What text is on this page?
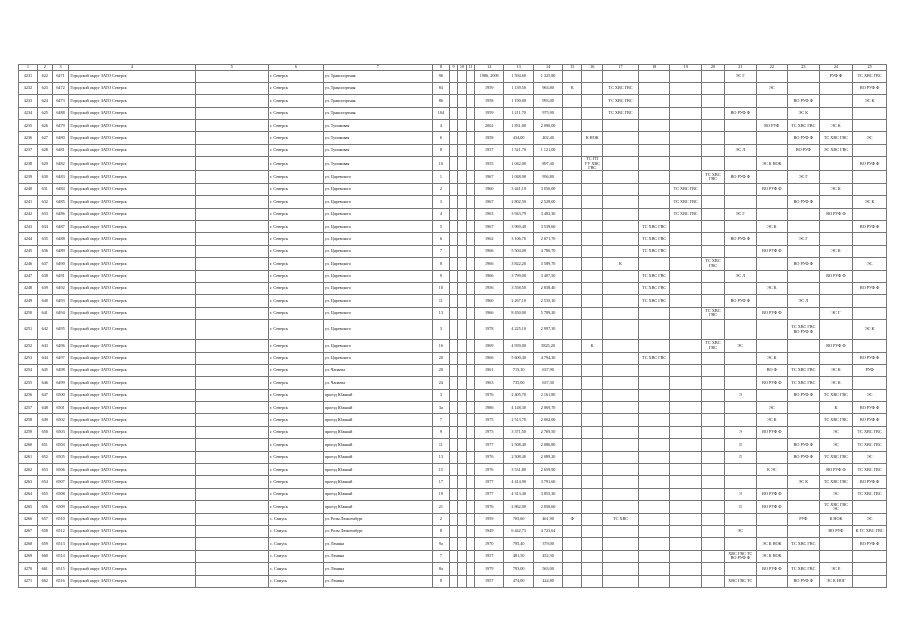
1	2	3	4	5	6	7	8	9	10	11	12	13	14	15	16	17	18	19	20	21	22	23	24	25
4231	622	6471	Городской округ ЗАТО Северск		г. Северск	ул. Транспортная	96				1986, 2009	1 594,60	1 325,80							ЭС Г			РУФ Ф	ТС ХВС ГВС
4232	623	6472	Городской округ ЗАТО Северск		г. Северск	ул. Транспортная	84				1959	1 139,50	963,80	К		ТС ХВС ГВС					ЭС			ВО РУФ Ф
4233	624	6473	Городской округ ЗАТО Северск		г. Северск	ул. Транспортная	86				1958	1 190,00	993,00			ТС ХВС ГВС						ВО РУФ Ф		ЭС К
4234	625	6488	Городской округ ЗАТО Северск		г. Северск	ул. Транспортная	104				1959	1 211,70	975,90			ТС ХВС ГВС				ВО РУФ Ф		ЭС К		
4235	626	6479	Городской округ ЗАТО Северск		г. Северск	ул. Тупиковая	4				2002	1 831,00	2 090,00								ВО РУФ	ТС ХВС ГВС	ЭС К	
4236	627	6480	Городской округ ЗАТО Северск		г. Северск	ул. Тупиковая	6				1958	434,00	402,40		К НОК							ВО РУФ Ф	ТС ХВС ГВС	ЭС
4237	628	6481	Городской округ ЗАТО Северск		г. Северск	ул. Тупиковая	8				1957	1 521,70	1 121,00							ЭС Л		ВО РУФ	ЭС ХВС ГВС	
4238	629	6482	Городской округ ЗАТО Северск		г. Северск	ул. Тупиковая	10				1955	1 042,00	897,40		ТС ГП УУ ХВС ГВС						ЭС К НОК			ВО РУФ Ф
4239	630	6483	Городской округ ЗАТО Северск		г. Северск	ул. Царевского	1				1967	1 048,90	956,80						ТС ХВС ГВС	ВО РУФ Ф		ЭС Г		
4240	631	6484	Городской округ ЗАТО Северск		г. Северск	ул. Царевского	2				1960	3 441,10	3 056,00					ТС ХВС ГВС			ВО РУФ Ф		ЭС К	
4241	632	6485	Городской округ ЗАТО Северск		г. Северск	ул. Царевского	3				1967	2 802,50	2 528,00					ТС ХВС ГВС				ВО РУФ Ф		ЭС К
4242	633	6486	Городской округ ЗАТО Северск		г. Северск	ул. Царевского	4				1963	3 943,79	3 482,30					ТС ХВС ГВС		ЭС Г			ВО РУФ Ф	
4243	634	6487	Городской округ ЗАТО Северск		г. Северск	ул. Царевского	5				1967	3 969,40	3 539,60				ТС ХВС ГВС				ЭС К			ВО РУФ Ф
4244	635	6488	Городской округ ЗАТО Северск		г. Северск	ул. Царевского	6				1962	3 106,70	2 671,70				ТС ХВС ГВС			ВО РУФ Ф		ЭС Г		
4245	636	6489	Городской округ ЗАТО Северск		г. Северск	ул. Царевского	7				1966	5 504,00	4 786,70				ТС ХВС ГВС				ВО РУФ Ф		ЭС К	
4246	637	6490	Городской округ ЗАТО Северск		г. Северск	ул. Царевского	8				1966	3 822,20	3 589,70			К			ТС ХВС ГВС			ВО РУФ Ф		ЭС
4247	638	6491	Городской округ ЗАТО Северск		г. Северск	ул. Царевского	9				1966	3 799,00	3 407,50				ТС ХВС ГВС			ЭС Л			ВО РУФ Ф	
4248	639	6492	Городской округ ЗАТО Северск		г. Северск	ул. Царевского	10				1956	3 558,50	2 838,40				ТС ХВС ГВС				ЭС К			ВО РУФ Ф
4249	640	6493	Городской округ ЗАТО Северск		г. Северск	ул. Царевского	11				1960	2 267,10	2 535,10				ТС ХВС ГВС			ВО РУФ Ф		ЭС Л		
4250	641	6494	Городской округ ЗАТО Северск		г. Северск	ул. Царевского	13				1966	8 450,00	5 789,20						ТС ХВС ГВС		ВО РУФ Ф		ЭС Г	
4251	642	6495	Городской округ ЗАТО Северск		г. Северск	ул. Царевского	3				1978	4 225,10	2 997,30									ТС ХВС ГВС ВО РУФ Ф		ЭС К
4252	643	6496	Городской округ ЗАТО Северск		г. Северск	ул. Царевского	16				1969	4 939,00	5825,20		К				ТС ХВС ГВС	ЭС			ВО РУФ Ф	
4253	644	6497	Городской округ ЗАТО Северск		г. Северск	ул. Царевского	20				1966	5 600,40	4 794,30				ТС ХВС ГВС				ЭС К			ВО РУФ Ф
4254	645	6498	Городской округ ЗАТО Северск		г. Северск	ул. Чапаева	20				1961	715,10	637,90								ВО Ф	ТС ХВС ГВС	ЭС К	РУФ
4255	646	6499	Городской округ ЗАТО Северск		г. Северск	ул. Чапаева	24				1963	735,00	637,30								ВО РУФ Ф	ТС ХВС ГВС	ЭС К	
4256	647	6500	Городской округ ЗАТО Северск		г. Северск	проезд Южный	3				1976	2 405,70	2 161,80							Э		ВО РУФ Ф	ТС ХВС ГВС	ЭС
4257	648	6501	Городской округ ЗАТО Северск		г. Северск	проезд Южный	3а				1986	4 148,30	2 069,70								ЭС		К	ВО РУФ Ф
4258	649	6502	Городской округ ЗАТО Северск		г. Северск	проезд Южный	7				1975	2 513,70	2 002,00								ЭС К		ТС ХВС ГВС	ВО РУФ Ф
4259	650	6503	Городской округ ЗАТО Северск		г. Северск	проезд Южный	9				1975	3 371,50	2 769,50							Э	ВО РУФ Ф		ЭС	ТС ХВС ГВС
4260	651	6504	Городской округ ЗАТО Северск		г. Северск	проезд Южный	11				1977	2 508,40	2 086,80							Л		ВО РУФ Ф	ЭС	ТС ХВС ГВС
4261	652	6505	Городской округ ЗАТО Северск		г. Северск	проезд Южный	13				1976	2 508,40	2 089,20							Л		ВО РУФ Ф	ТС ХВС ГВС	ЭС
4262	653	6506	Городской округ ЗАТО Северск		г. Северск	проезд Южный	15				1976	3 531,80	2 659,90								К ЭС		ВО РУФ Ф	ТС ХВС ГВС
4263	654	6507	Городской округ ЗАТО Северск		г. Северск	проезд Южный	17				1977	4 414,90	3 791,60									ЭС К	ТС ХВС ГВС	ВО РУФ Ф
4264	655	6508	Городской округ ЗАТО Северск		г. Северск	проезд Южный	19				1977	4 313,40	3 855,30							Э	ВО РУФ Ф		ЭС	ТС ХВС ГВС
4265	656	6509	Городской округ ЗАТО Северск		г. Северск	проезд Южный	21				1976	2 862,00	2 050,60							Л	ВО РУФ Ф		ТС ХВС ГВС ЭС	
4266	657	6510	Городской округ ЗАТО Северск		с. Самусь	ул. Розы Люксембург	2				1959	705,60	461,90	Ф		ТС ХВС						РУФ	К НОК	ЭС
4267	658	6512	Городской округ ЗАТО Северск		с. Самусь	ул. Розы Люксембург	8				1949	6 442,73	4 723,64							ЭС			ВО РУФ	К ТС ХВС ГВС
4268	659	6513	Городской округ ЗАТО Северск		с. Самусь	ул. Ленина	9а				1970	795,40	379,00								ЭС К НОК	ТС ХВС ГВС		ВО РУФ Ф
4269	660	6514	Городской округ ЗАТО Северск		с. Самусь	ул. Ленина	7				1957	481,50	452,30							ХВС ГВС ТС ВО РУФ Ф	ЭС К НОК			
4270	661	6515	Городской округ ЗАТО Северск		с. Самусь	ул. Ленина	8а				1979	793,00	563,00								ВО РУФ Ф	ТС ХВС ГВС	ЭС Е	
4271	662	6516	Городской округ ЗАТО Северск		с. Самусь	ул. Ленина	8				1957	474,00	424,80							ХВС ГВС ТС		ВО РУФ Ф	ЭС К НОГ	
